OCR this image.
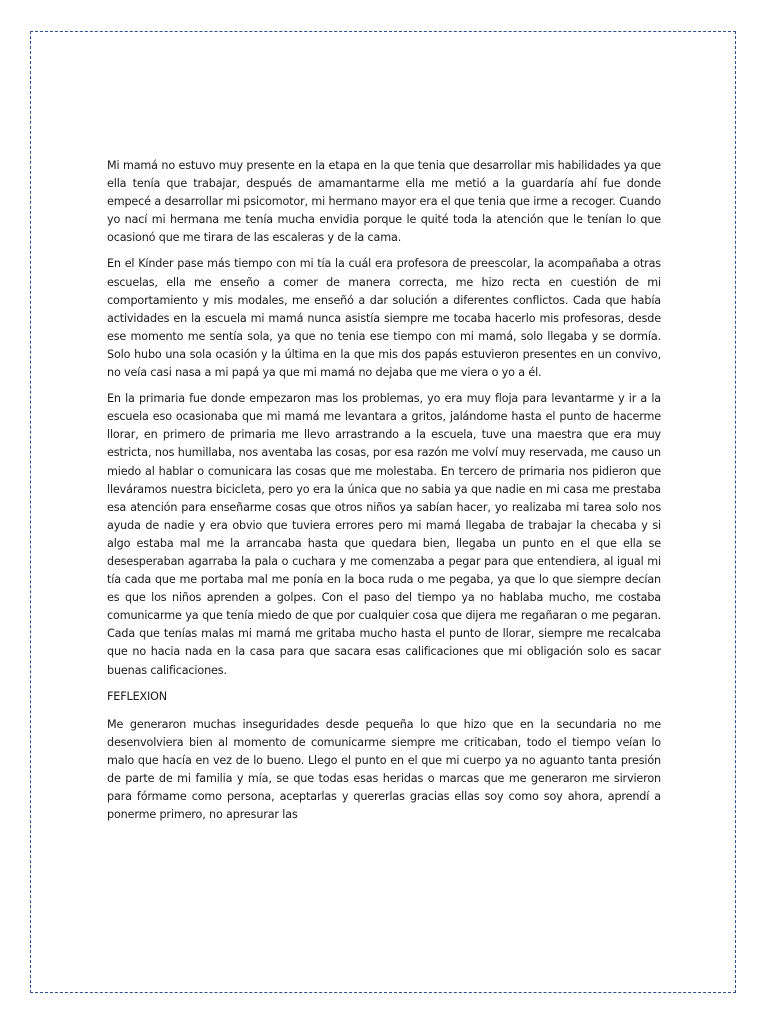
Mi mamá no estuvo muy presente en la etapa en la que tenia que desarrollar mis habilidades ya que ella tenía que trabajar, después de amamantarme ella me metió a la guardaría ahí fue donde empecé a desarrollar mi psicomotor, mi hermano mayor era el que tenia que irme a recoger. Cuando yo nací mi hermana me tenía mucha envidia porque le quité toda la atención que le tenían lo que ocasionó que me tirara de las escaleras y de la cama.

En el Kínder pase más tiempo con mi tía la cuál era profesora de preescolar, la acompañaba a otras escuelas, ella me enseño a comer de manera correcta, me hizo recta en cuestión de mi comportamiento y mis modales, me enseñó a dar solución a diferentes conflictos. Cada que había actividades en la escuela mi mamá nunca asistía siempre me tocaba hacerlo mis profesoras, desde ese momento me sentía sola, ya que no tenia ese tiempo con mi mamá, solo llegaba y se dormía. Solo hubo una sola ocasión y la última en la que mis dos papás estuvieron presentes en un convivo, no veía casi nasa a mi papá ya que mi mamá no dejaba que me viera o yo a él.

En la primaria fue donde empezaron mas los problemas, yo era muy floja para levantarme y ir a la escuela eso ocasionaba que mi mamá me levantara a gritos, jalándome hasta el punto de hacerme llorar, en primero de primaria me llevo arrastrando a la escuela, tuve una maestra que era muy estricta, nos humillaba, nos aventaba las cosas, por esa razón me volví muy reservada, me causo un miedo al hablar o comunicara las cosas que me molestaba. En tercero de primaria nos pidieron que lleváramos nuestra bicicleta, pero yo era la única que no sabia ya que nadie en mi casa me prestaba esa atención para enseñarme cosas que otros niños ya sabían hacer, yo realizaba mi tarea solo nos ayuda de nadie y era obvio que tuviera errores pero mi mamá llegaba de trabajar la checaba y si algo estaba mal me la arrancaba hasta que quedara bien, llegaba un punto en el que ella se desesperaban agarraba la pala o cuchara y me comenzaba a pegar para que entendiera, al igual mi tía cada que me portaba mal me ponía en la boca ruda o me pegaba, ya que lo que siempre decían es que los niños aprenden a golpes. Con el paso del tiempo ya no hablaba mucho, me costaba comunicarme ya que tenía miedo de que por cualquier cosa que dijera me regañaran o me pegaran. Cada que tenías malas mi mamá me gritaba mucho hasta el punto de llorar, siempre me recalcaba que no hacia nada en la casa para que sacara esas calificaciones que mi obligación solo es sacar buenas calificaciones.

FEFLEXION

Me generaron muchas inseguridades desde pequeña lo que hizo que en la secundaria no me desenvolviera bien al momento de comunicarme siempre me criticaban, todo el tiempo veían lo malo que hacía en vez de lo bueno. Llego el punto en el que mi cuerpo ya no aguanto tanta presión de parte de mi familia y mía, se que todas esas heridas o marcas que me generaron me sirvieron para fórmame como persona, aceptarlas y quererlas gracias ellas soy como soy ahora, aprendí a ponerme primero, no apresurar las
